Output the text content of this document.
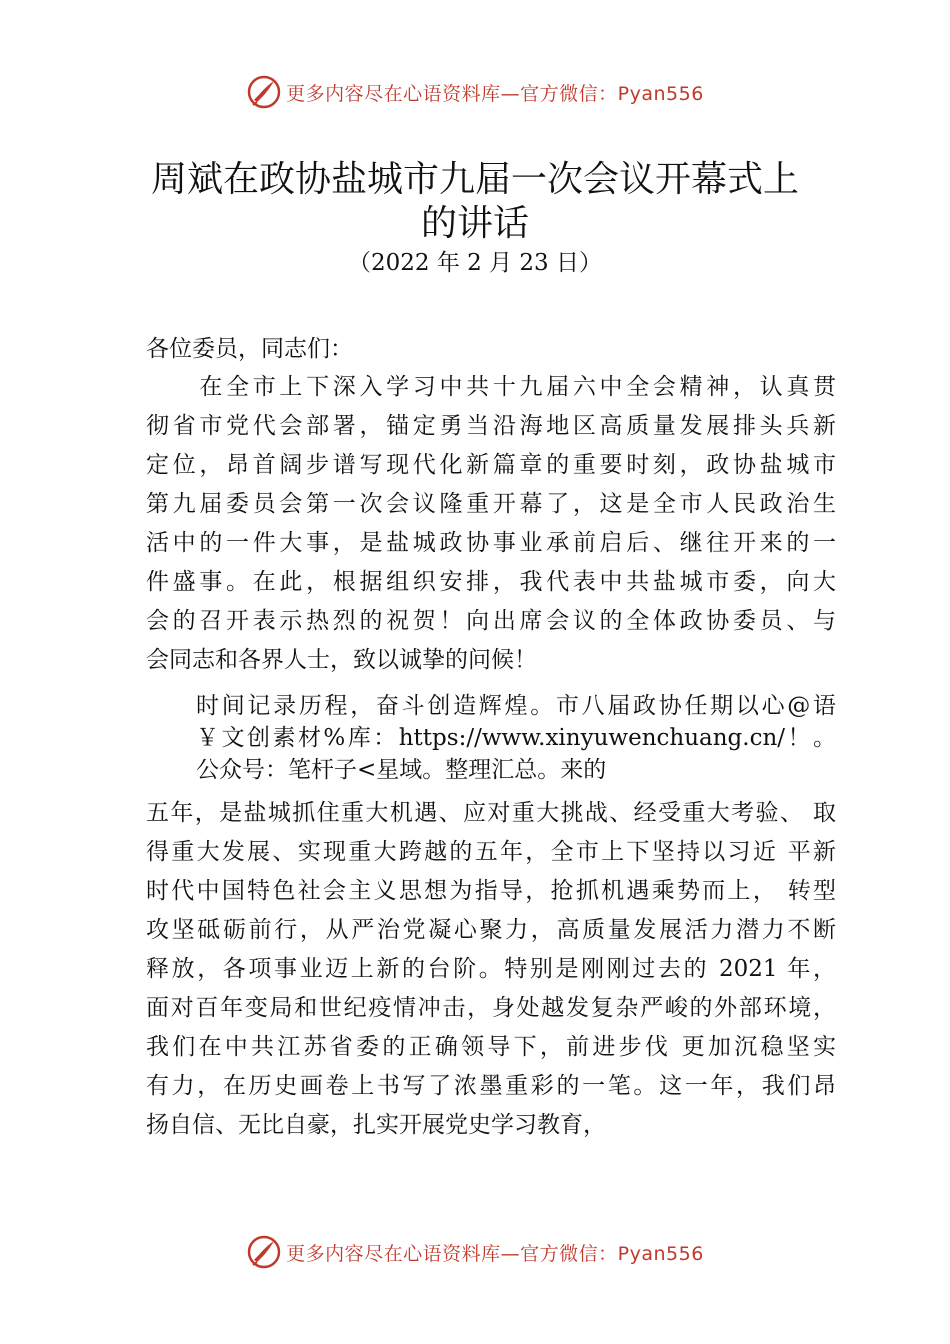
更多内容尽在心语资料库—官方微信：Pyan556
周斌在政协盐城市九届一次会议开幕式上
的讲话
（2022 年 2 月 23 日）
各位委员，同志们：
　　在全市上下深入学习中共十九届六中全会精神，认真贯
彻省市党代会部署，锚定勇当沿海地区高质量发展排头兵新
定位，昂首阔步谱写现代化新篇章的重要时刻，政协盐城市
第九届委员会第一次会议隆重开幕了，这是全市人民政治生
活中的一件大事，是盐城政协事业承前启后、继往开来的一
件盛事。在此，根据组织安排，我代表中共盐城市委，向大
会的召开表示热烈的祝贺！向出席会议的全体政协委员、与
会同志和各界人士，致以诚挚的问候！
时间记录历程，奋斗创造辉煌。市八届政协任期以心@语
￥文创素材%库：https://www.xinyuwenchuang.cn/！。
公众号：笔杆子<星域。整理汇总。来的
五年，是盐城抓住重大机遇、应对重大挑战、经受重大考验、 取
得重大发展、实现重大跨越的五年，全市上下坚持以习近 平新
时代中国特色社会主义思想为指导，抢抓机遇乘势而上， 转型
攻坚砥砺前行，从严治党凝心聚力，高质量发展活力潜力不断
释放，各项事业迈上新的台阶。特别是刚刚过去的 2021 年，
面对百年变局和世纪疫情冲击，身处越发复杂严峻的外部环境，
我们在中共江苏省委的正确领导下，前进步伐 更加沉稳坚实
有力，在历史画卷上书写了浓墨重彩的一笔。这一年，我们昂
扬自信、无比自豪，扎实开展党史学习教育，
更多内容尽在心语资料库—官方微信：Pyan556
